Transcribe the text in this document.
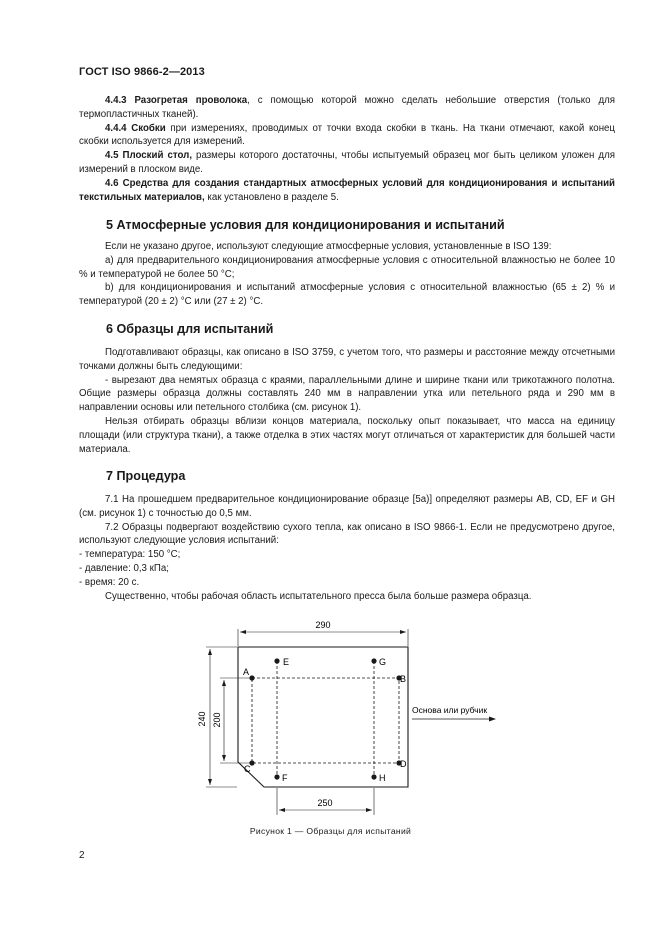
ГОСТ ISO 9866-2—2013

4.4.3 Разогретая проволока, с помощью которой можно сделать небольшие отверстия (только для термопластичных тканей).

4.4.4 Скобки при измерениях, проводимых от точки входа скобки в ткань. На ткани отмечают, какой конец скобки используется для измерений.

4.5 Плоский стол, размеры которого достаточны, чтобы испытуемый образец мог быть целиком уложен для измерений в плоском виде.

4.6 Средства для создания стандартных атмосферных условий для кондиционирования и испытаний текстильных материалов, как установлено в разделе 5.

5 Атмосферные условия для кондиционирования и испытаний

Если не указано другое, используют следующие атмосферные условия, установленные в ISO 139:

a) для предварительного кондиционирования атмосферные условия с относительной влажностью не более 10 % и температурой не более 50 °C;

b) для кондиционирования и испытаний атмосферные условия с относительной влажностью (65 ± 2) % и температурой (20 ± 2) °C или (27 ± 2) °C.

6 Образцы для испытаний

Подготавливают образцы, как описано в ISO 3759, с учетом того, что размеры и расстояние между отсчетными точками должны быть следующими:

- вырезают два немятых образца с краями, параллельными длине и ширине ткани или трикотажного полотна. Общие размеры образца должны составлять 240 мм в направлении утка или петельного ряда и 290 мм в направлении основы или петельного столбика (см. рисунок 1).

Нельзя отбирать образцы вблизи концов материала, поскольку опыт показывает, что масса на единицу площади (или структура ткани), а также отделка в этих частях могут отличаться от характеристик для большей части материала.

7 Процедура

7.1 На прошедшем предварительное кондиционирование образце [5а)] определяют размеры AB, CD, EF и GH (см. рисунок 1) с точностью до 0,5 мм.

7.2 Образцы подвергают воздействию сухого тепла, как описано в ISO 9866-1. Если не предусмотрено другое, используют следующие условия испытаний:

- температура: 150 °C;

- давление: 0,3 кПа;

- время: 20 с.

Существенно, чтобы рабочая область испытательного пресса была больше размера образца.

290
240 200
250
E	G
A
B
C	D
F	H
Основа или рубчик
Рисунок 1 — Образцы для испытаний
2
